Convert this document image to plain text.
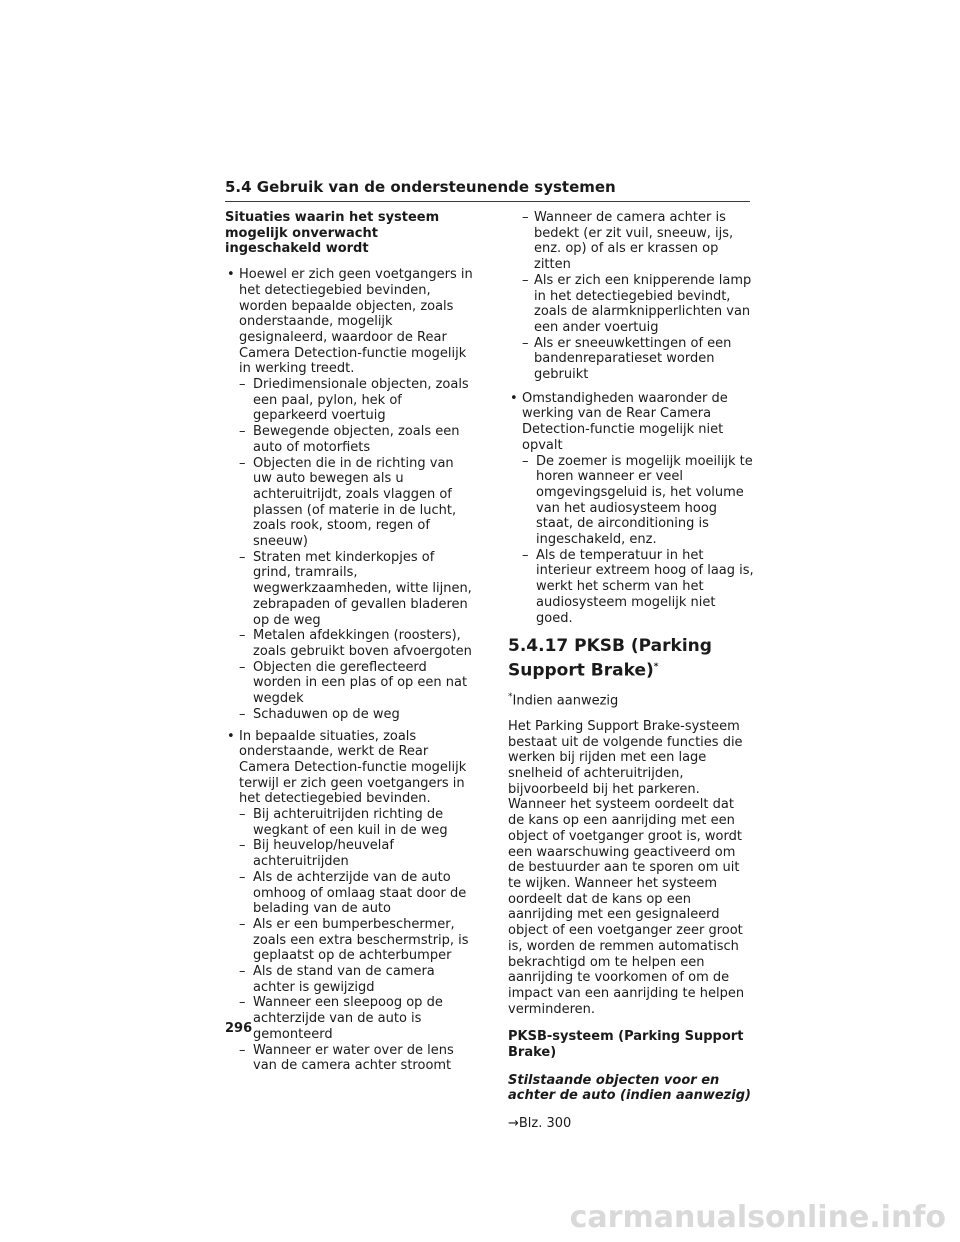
5.4 Gebruik van de ondersteunende systemen

Situaties waarin het systeem mogelijk onverwacht ingeschakeld wordt

• Hoewel er zich geen voetgangers in het detectiegebied bevinden, worden bepaalde objecten, zoals onderstaande, mogelijk gesignaleerd, waardoor de Rear Camera Detection-functie mogelijk in werking treedt.
– Driedimensionale objecten, zoals een paal, pylon, hek of geparkeerd voertuig
– Bewegende objecten, zoals een auto of motorfiets
– Objecten die in de richting van uw auto bewegen als u achteruitrijdt, zoals vlaggen of plassen (of materie in de lucht, zoals rook, stoom, regen of sneeuw)
– Straten met kinderkopjes of grind, tramrails, wegwerkzaamheden, witte lijnen, zebrapaden of gevallen bladeren op de weg
– Metalen afdekkingen (roosters), zoals gebruikt boven afvoergoten
– Objecten die gereflecteerd worden in een plas of op een nat wegdek
– Schaduwen op de weg
• In bepaalde situaties, zoals onderstaande, werkt de Rear Camera Detection-functie mogelijk terwijl er zich geen voetgangers in het detectiegebied bevinden.
– Bij achteruitrijden richting de wegkant of een kuil in de weg
– Bij heuvelop/heuvelaf achteruitrijden
– Als de achterzijde van de auto omhoog of omlaag staat door de belading van de auto
– Als er een bumperbeschermer, zoals een extra beschermstrip, is geplaatst op de achterbumper
– Als de stand van de camera achter is gewijzigd
– Wanneer een sleepoog op de achterzijde van de auto is gemonteerd
– Wanneer er water over de lens van de camera achter stroomt
– Wanneer de camera achter is bedekt (er zit vuil, sneeuw, ijs, enz. op) of als er krassen op zitten
– Als er zich een knipperende lamp in het detectiegebied bevindt, zoals de alarmknipperlichten van een ander voertuig
– Als er sneeuwkettingen of een bandenreparatieset worden gebruikt
• Omstandigheden waaronder de werking van de Rear Camera Detection-functie mogelijk niet opvalt
– De zoemer is mogelijk moeilijk te horen wanneer er veel omgevingsgeluid is, het volume van het audiosysteem hoog staat, de airconditioning is ingeschakeld, enz.
– Als de temperatuur in het interieur extreem hoog of laag is, werkt het scherm van het audiosysteem mogelijk niet goed.
5.4.17 PKSB (Parking Support Brake)*

*Indien aanwezig

Het Parking Support Brake-systeem bestaat uit de volgende functies die werken bij rijden met een lage snelheid of achteruitrijden, bijvoorbeeld bij het parkeren. Wanneer het systeem oordeelt dat de kans op een aanrijding met een object of voetganger groot is, wordt een waarschuwing geactiveerd om de bestuurder aan te sporen om uit te wijken. Wanneer het systeem oordeelt dat de kans op een aanrijding met een gesignaleerd object of een voetganger zeer groot is, worden de remmen automatisch bekrachtigd om te helpen een aanrijding te voorkomen of om de impact van een aanrijding te helpen verminderen.

PKSB-systeem (Parking Support Brake)

Stilstaande objecten voor en achter de auto (indien aanwezig)

→Blz. 300

296
carmanualsonline.info
